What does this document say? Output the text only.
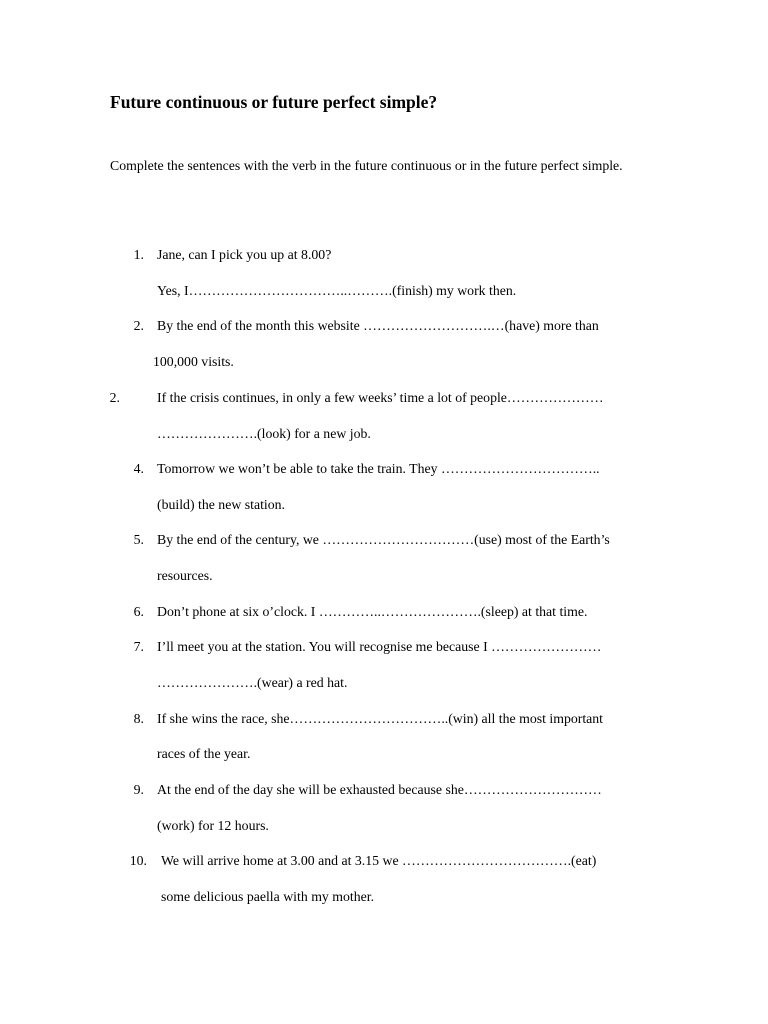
Future continuous or future perfect simple?
Complete the sentences with the verb in the future continuous or in the future perfect simple.
1. Jane, can I pick you up at 8.00?
Yes, I……………………………..……….(finish) my work then.
2. By the end of the month this website ……………………….…(have) more than
100,000 visits.
2.	If the crisis continues, in only a few weeks’ time a lot of people…………………
………………….(look) for a new job.
4. Tomorrow we won’t be able to take the train. They ……………………………..
(build) the new station.
5. By the end of the century, we ……………………………(use) most of the Earth’s
resources.
6. Don’t phone at six o’clock. I …………..………………….(sleep) at that time.
7. I’ll meet you at the station. You will recognise me because I ……………………
………………….(wear) a red hat.
8. If she wins the race, she……………………………..(win) all the most important
races of the year.
9. At the end of the day she will be exhausted because she…………………………
(work) for 12 hours.
10. We will arrive home at 3.00 and at 3.15 we ……………………………….(eat)
some delicious paella with my mother.
